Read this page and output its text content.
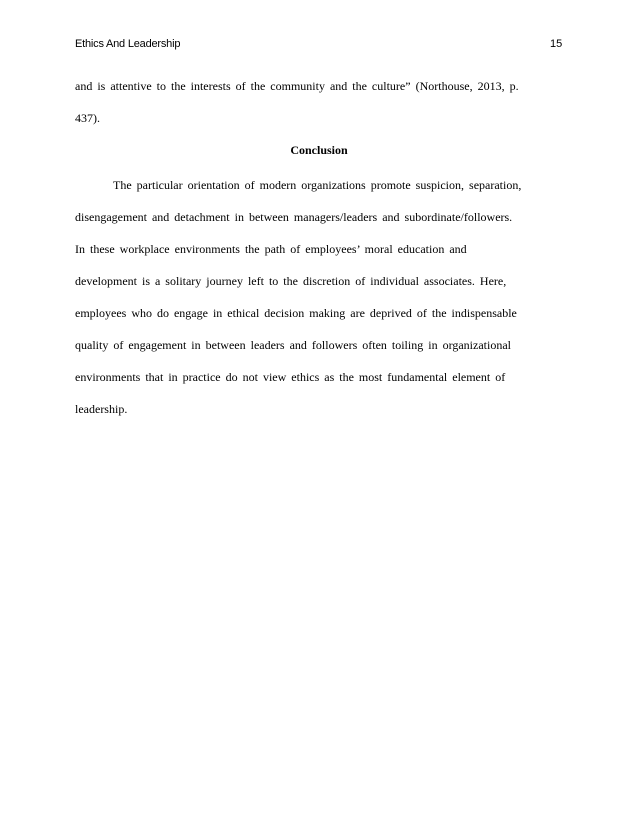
Ethics And Leadership	15
and is attentive to the interests of the community and the culture” (Northouse, 2013, p.
437).
Conclusion
The particular orientation of modern organizations promote suspicion, separation,
disengagement and detachment in between managers/leaders and subordinate/followers.
In these workplace environments the path of employees’ moral education and
development is a solitary journey left to the discretion of individual associates. Here,
employees who do engage in ethical decision making are deprived of the indispensable
quality of engagement in between leaders and followers often toiling in organizational
environments that in practice do not view ethics as the most fundamental element of
leadership.
